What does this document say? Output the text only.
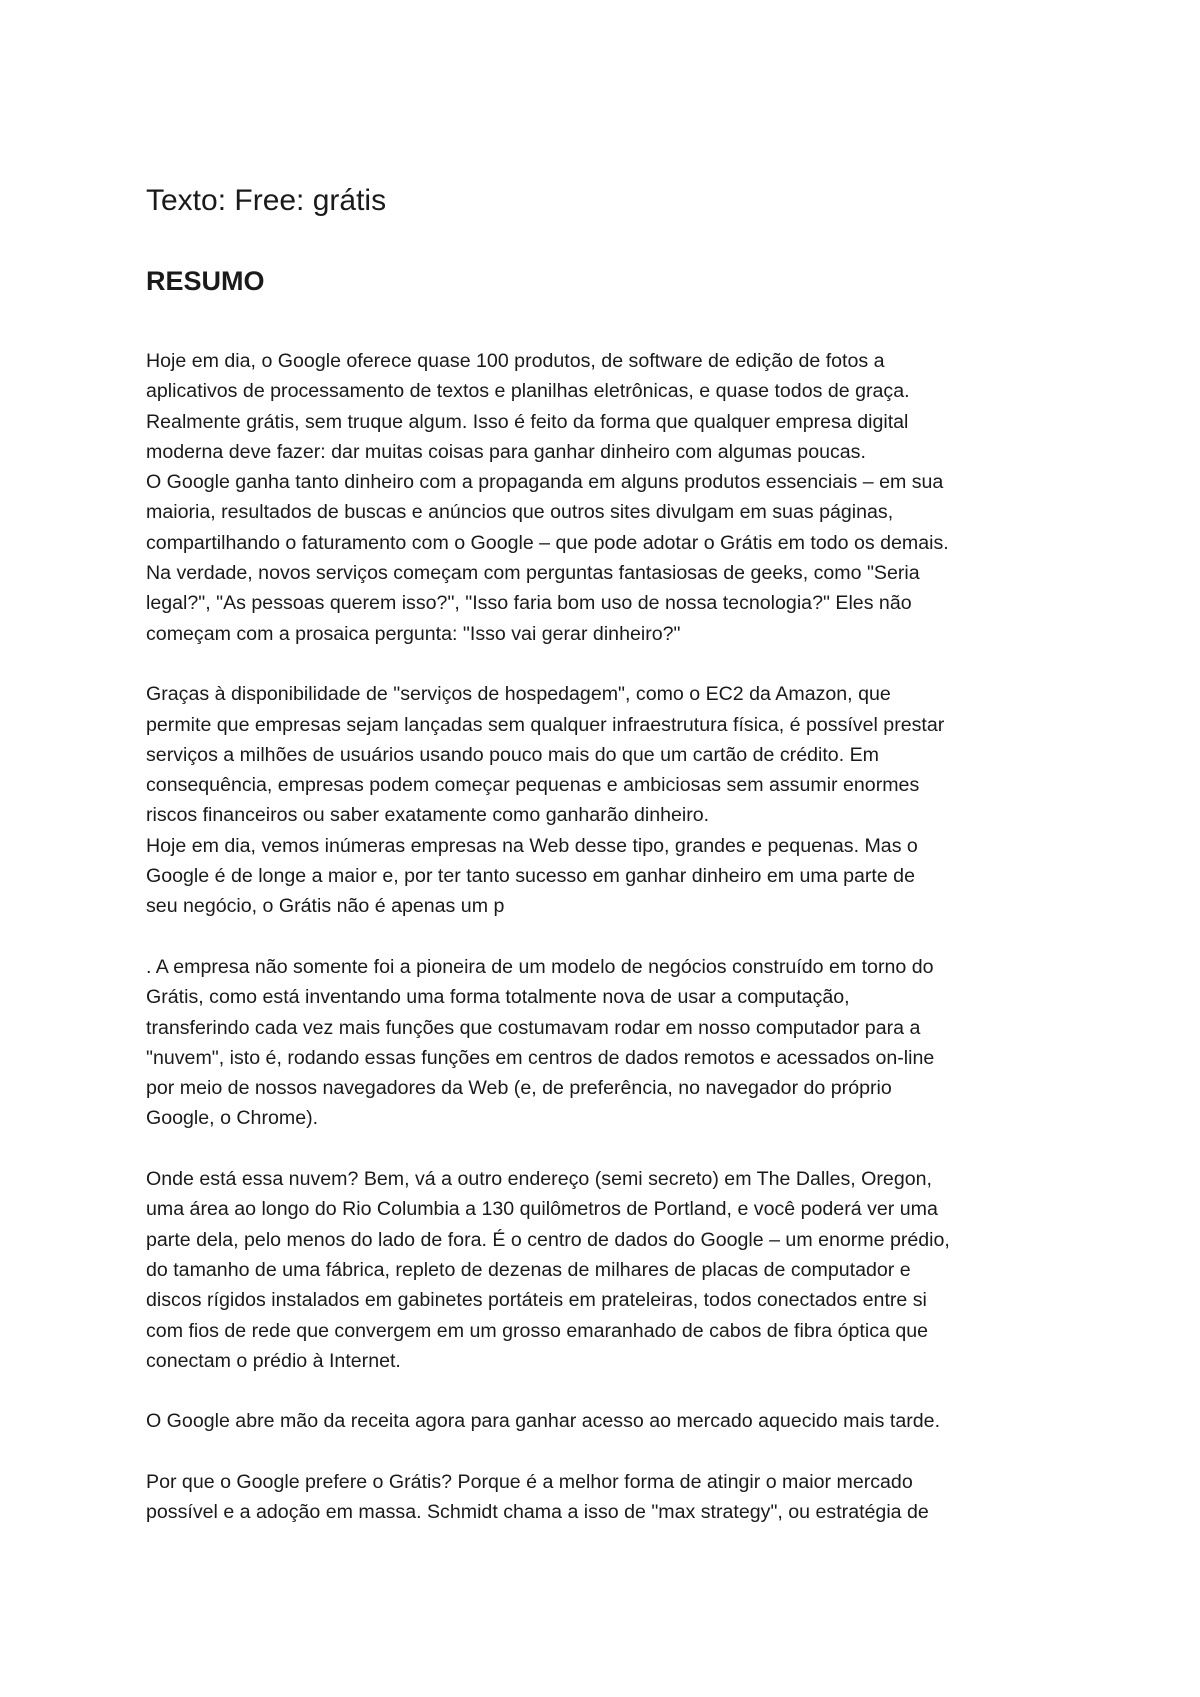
Texto: Free: grátis
RESUMO
Hoje em dia, o Google oferece quase 100 produtos, de software de edição de fotos a
aplicativos de processamento de textos e planilhas eletrônicas, e quase todos de graça.
Realmente grátis, sem truque algum. Isso é feito da forma que qualquer empresa digital
moderna deve fazer: dar muitas coisas para ganhar dinheiro com algumas poucas.
O Google ganha tanto dinheiro com a propaganda em alguns produtos essenciais – em sua
maioria, resultados de buscas e anúncios que outros sites divulgam em suas páginas,
compartilhando o faturamento com o Google – que pode adotar o Grátis em todo os demais.
Na verdade, novos serviços começam com perguntas fantasiosas de geeks, como "Seria
legal?", "As pessoas querem isso?", "Isso faria bom uso de nossa tecnologia?" Eles não
começam com a prosaica pergunta: "Isso vai gerar dinheiro?"
Graças à disponibilidade de "serviços de hospedagem", como o EC2 da Amazon, que
permite que empresas sejam lançadas sem qualquer infraestrutura física, é possível prestar
serviços a milhões de usuários usando pouco mais do que um cartão de crédito. Em
consequência, empresas podem começar pequenas e ambiciosas sem assumir enormes
riscos financeiros ou saber exatamente como ganharão dinheiro.
Hoje em dia, vemos inúmeras empresas na Web desse tipo, grandes e pequenas. Mas o
Google é de longe a maior e, por ter tanto sucesso em ganhar dinheiro em uma parte de
seu negócio, o Grátis não é apenas um p
. A empresa não somente foi a pioneira de um modelo de negócios construído em torno do
Grátis, como está inventando uma forma totalmente nova de usar a computação,
transferindo cada vez mais funções que costumavam rodar em nosso computador para a
"nuvem", isto é, rodando essas funções em centros de dados remotos e acessados on-line
por meio de nossos navegadores da Web (e, de preferência, no navegador do próprio
Google, o Chrome).
Onde está essa nuvem? Bem, vá a outro endereço (semi secreto) em The Dalles, Oregon,
uma área ao longo do Rio Columbia a 130 quilômetros de Portland, e você poderá ver uma
parte dela, pelo menos do lado de fora. É o centro de dados do Google – um enorme prédio,
do tamanho de uma fábrica, repleto de dezenas de milhares de placas de computador e
discos rígidos instalados em gabinetes portáteis em prateleiras, todos conectados entre si
com fios de rede que convergem em um grosso emaranhado de cabos de fibra óptica que
conectam o prédio à Internet.
O Google abre mão da receita agora para ganhar acesso ao mercado aquecido mais tarde.
Por que o Google prefere o Grátis? Porque é a melhor forma de atingir o maior mercado
possível e a adoção em massa. Schmidt chama a isso de "max strategy", ou estratégia de
